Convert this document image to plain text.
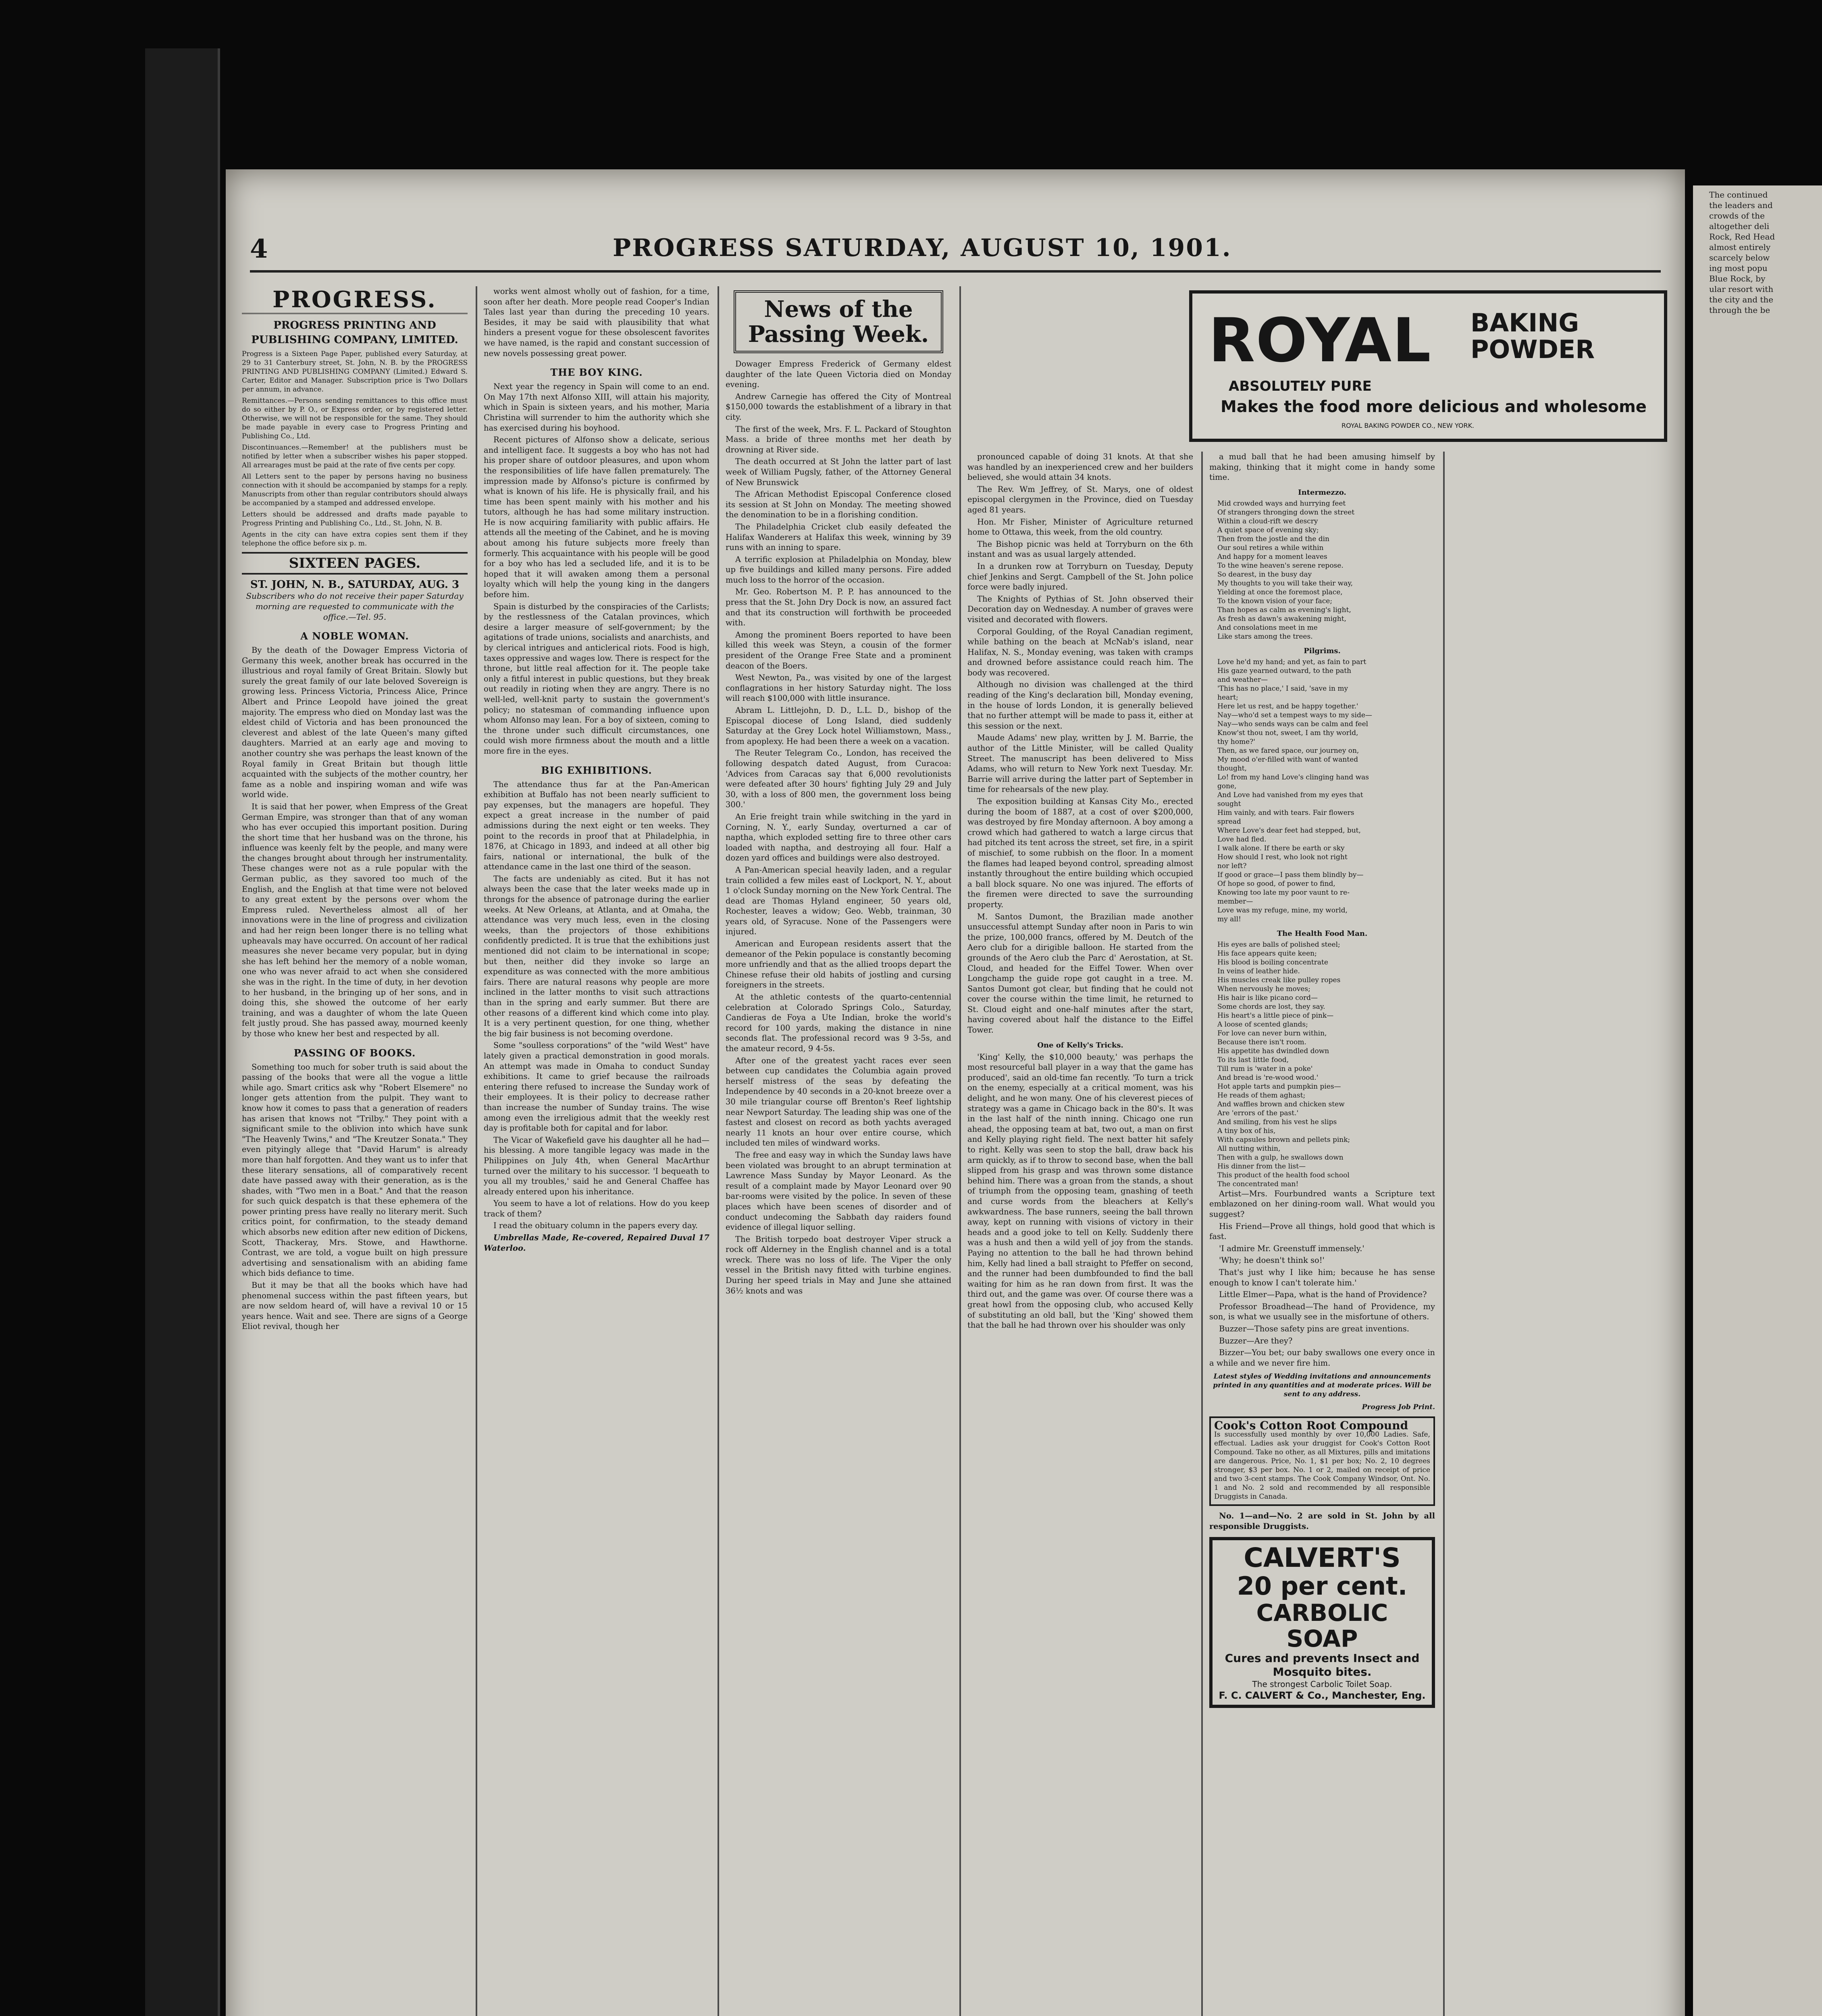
4	PROGRESS SATURDAY, AUGUST 10, 1901.
PROGRESS.
PROGRESS PRINTING AND PUBLISHING COMPANY, LIMITED.
Progress is a Sixteen Page Paper, published every Saturday, at 29 to 31 Canterbury street, St. John, N. B. by the PROGRESS PRINTING AND PUBLISHING COMPANY (Limited.) Edward S. Carter, Editor and Manager. Subscription price is Two Dollars per annum, in advance.
Remittances.—Persons sending remittances to this office must do so either by P. O., or Express order, or by registered letter. Otherwise, we will not be responsible for the same. They should be made payable in every case to Progress Printing and Publishing Co., Ltd.
Discontinuances.—Remember! at the publishers must be notified by letter when a subscriber wishes his paper stopped. All arrearages must be paid at the rate of five cents per copy.
All Letters sent to the paper by persons having no business connection with it should be accompanied by stamps for a reply. Manuscripts from other than regular contributors should always be accompanied by a stamped and addressed envelope.
Letters should be addressed and drafts made payable to Progress Printing and Publishing Co., Ltd., St. John, N. B.
Agents in the city can have extra copies sent them if they telephone the office before six p. m.
SIXTEEN PAGES.
ST. JOHN, N. B., SATURDAY, AUG. 3
Subscribers who do not receive their paper Saturday morning are requested to communicate with the office.—Tel. 95.
A NOBLE WOMAN.

By the death of the Dowager Empress Victoria of Germany this week, another break has occurred in the illustrious and royal family of Great Britain. Slowly but surely the great family of our late beloved Sovereign is growing less. Princess Victoria, Princess Alice, Prince Albert and Prince Leopold have joined the great majority. The empress who died on Monday last was the eldest child of Victoria and has been pronounced the cleverest and ablest of the late Queen's many gifted daughters. Married at an early age and moving to another country she was perhaps the least known of the Royal family in Great Britain but though little acquainted with the subjects of the mother country, her fame as a noble and inspiring woman and wife was world wide.

It is said that her power, when Empress of the Great German Empire, was stronger than that of any woman who has ever occupied this important position. During the short time that her husband was on the throne, his influence was keenly felt by the people, and many were the changes brought about through her instrumentality. These changes were not as a rule popular with the German public, as they savored too much of the English, and the English at that time were not beloved to any great extent by the persons over whom the Empress ruled. Nevertheless almost all of her innovations were in the line of progress and civilization and had her reign been longer there is no telling what upheavals may have occurred. On account of her radical measures she never became very popular, but in dying she has left behind her the memory of a noble woman, one who was never afraid to act when she considered she was in the right. In the time of duty, in her devotion to her husband, in the bringing up of her sons, and in doing this, she showed the outcome of her early training, and was a daughter of whom the late Queen felt justly proud. She has passed away, mourned keenly by those who knew her best and respected by all.

PASSING OF BOOKS.

Something too much for sober truth is said about the passing of the books that were all the vogue a little while ago. Smart critics ask why "Robert Elsemere" no longer gets attention from the pulpit. They want to know how it comes to pass that a generation of readers has arisen that knows not "Trilby." They point with a significant smile to the oblivion into which have sunk "The Heavenly Twins," and "The Kreutzer Sonata." They even pityingly allege that "David Harum" is already more than half forgotten. And they want us to infer that these literary sensations, all of comparatively recent date have passed away with their generation, as is the shades, with "Two men in a Boat." And that the reason for such quick despatch is that these ephemera of the power printing press have really no literary merit. Such critics point, for confirmation, to the steady demand which absorbs new edition after new edition of Dickens, Scott, Thackeray, Mrs. Stowe, and Hawthorne. Contrast, we are told, a vogue built on high pressure advertising and sensationalism with an abiding fame which bids defiance to time.

But it may be that all the books which have had phenomenal success within the past fifteen years, but are now seldom heard of, will have a revival 10 or 15 years hence. Wait and see. There are signs of a George Eliot revival, though her

works went almost wholly out of fashion, for a time, soon after her death. More people read Cooper's Indian Tales last year than during the preceding 10 years. Besides, it may be said with plausibility that what hinders a present vogue for these obsolescent favorites we have named, is the rapid and constant succession of new novels possessing great power.

THE BOY KING.

Next year the regency in Spain will come to an end. On May 17th next Alfonso XIII, will attain his majority, which in Spain is sixteen years, and his mother, Maria Christina will surrender to him the authority which she has exercised during his boyhood.

Recent pictures of Alfonso show a delicate, serious and intelligent face. It suggests a boy who has not had his proper share of outdoor pleasures, and upon whom the responsibilities of life have fallen prematurely. The impression made by Alfonso's picture is confirmed by what is known of his life. He is physically frail, and his time has been spent mainly with his mother and his tutors, although he has had some military instruction. He is now acquiring familiarity with public affairs. He attends all the meeting of the Cabinet, and he is moving about among his future subjects more freely than formerly. This acquaintance with his people will be good for a boy who has led a secluded life, and it is to be hoped that it will awaken among them a personal loyalty which will help the young king in the dangers before him.

Spain is disturbed by the conspiracies of the Carlists; by the restlessness of the Catalan provinces, which desire a larger measure of self-government; by the agitations of trade unions, socialists and anarchists, and by clerical intrigues and anticlerical riots. Food is high, taxes oppressive and wages low. There is respect for the throne, but little real affection for it. The people take only a fitful interest in public questions, but they break out readily in rioting when they are angry. There is no well-led, well-knit party to sustain the government's policy; no statesman of commanding influence upon whom Alfonso may lean. For a boy of sixteen, coming to the throne under such difficult circumstances, one could wish more firmness about the mouth and a little more fire in the eyes.

BIG EXHIBITIONS.

The attendance thus far at the Pan-American exhibition at Buffalo has not been nearly sufficient to pay expenses, but the managers are hopeful. They expect a great increase in the number of paid admissions during the next eight or ten weeks. They point to the records in proof that at Philadelphia, in 1876, at Chicago in 1893, and indeed at all other big fairs, national or international, the bulk of the attendance came in the last one third of the season.

The facts are undeniably as cited. But it has not always been the case that the later weeks made up in throngs for the absence of patronage during the earlier weeks. At New Orleans, at Atlanta, and at Omaha, the attendance was very much less, even in the closing weeks, than the projectors of those exhibitions confidently predicted. It is true that the exhibitions just mentioned did not claim to be international in scope; but then, neither did they invoke so large an expenditure as was connected with the more ambitious fairs. There are natural reasons why people are more inclined in the latter months to visit such attractions than in the spring and early summer. But there are other reasons of a different kind which come into play. It is a very pertinent question, for one thing, whether the big fair business is not becoming overdone.

Some "soulless corporations" of the "wild West" have lately given a practical demonstration in good morals. An attempt was made in Omaha to conduct Sunday exhibitions. It came to grief because the railroads entering there refused to increase the Sunday work of their employees. It is their policy to decrease rather than increase the number of Sunday trains. The wise among even the irreligious admit that the weekly rest day is profitable both for capital and for labor.

The Vicar of Wakefield gave his daughter all he had—his blessing. A more tangible legacy was made in the Philippines on July 4th, when General MacArthur turned over the military to his successor. 'I bequeath to you all my troubles,' said he and General Chaffee has already entered upon his inheritance.

You seem to have a lot of relations. How do you keep track of them?

I read the obituary column in the papers every day.

Umbrellas Made, Re-covered, Repaired Duval 17 Waterloo.

News of the Passing Week.

Dowager Empress Frederick of Germany eldest daughter of the late Queen Victoria died on Monday evening.

Andrew Carnegie has offered the City of Montreal $150,000 towards the establishment of a library in that city.

The first of the week, Mrs. F. L. Packard of Stoughton Mass. a bride of three months met her death by drowning at River side.

The death occurred at St John the latter part of last week of William Pugsly, father, of the Attorney General of New Brunswick

The African Methodist Episcopal Conference closed its session at St John on Monday. The meeting showed the denomination to be in a florishing condition.

The Philadelphia Cricket club easily defeated the Halifax Wanderers at Halifax this week, winning by 39 runs with an inning to spare.

A terrific explosion at Philadelphia on Monday, blew up five buildings and killed many persons. Fire added much loss to the horror of the occasion.

Mr. Geo. Robertson M. P. P. has announced to the press that the St. John Dry Dock is now, an assured fact and that its construction will forthwith be proceeded with.

Among the prominent Boers reported to have been killed this week was Steyn, a cousin of the former president of the Orange Free State and a prominent deacon of the Boers.

West Newton, Pa., was visited by one of the largest conflagrations in her history Saturday night. The loss will reach $100,000 with little insurance.

Abram L. Littlejohn, D. D., L.L. D., bishop of the Episcopal diocese of Long Island, died suddenly Saturday at the Grey Lock hotel Williamstown, Mass., from apoplexy. He had been there a week on a vacation.

The Reuter Telegram Co., London, has received the following despatch dated August, from Curacoa: 'Advices from Caracas say that 6,000 revolutionists were defeated after 30 hours' fighting July 29 and July 30, with a loss of 800 men, the government loss being 300.'

An Erie freight train while switching in the yard in Corning, N. Y., early Sunday, overturned a car of naptha, which exploded setting fire to three other cars loaded with naptha, and destroying all four. Half a dozen yard offices and buildings were also destroyed.

A Pan-American special heavily laden, and a regular train collided a few miles east of Lockport, N. Y., about 1 o'clock Sunday morning on the New York Central. The dead are Thomas Hyland engineer, 50 years old, Rochester, leaves a widow; Geo. Webb, trainman, 30 years old, of Syracuse. None of the Passengers were injured.

American and European residents assert that the demeanor of the Pekin populace is constantly becoming more unfriendly and that as the allied troops depart the Chinese refuse their old habits of jostling and cursing foreigners in the streets.

At the athletic contests of the quarto-centennial celebration at Colorado Springs Colo., Saturday, Candieras de Foya a Ute Indian, broke the world's record for 100 yards, making the distance in nine seconds flat. The professional record was 9 3-5s, and the amateur record, 9 4-5s.

After one of the greatest yacht races ever seen between cup candidates the Columbia again proved herself mistress of the seas by defeating the Independence by 40 seconds in a 20-knot breeze over a 30 mile triangular course off Brenton's Reef lightship near Newport Saturday. The leading ship was one of the fastest and closest on record as both yachts averaged nearly 11 knots an hour over entire course, which included ten miles of windward works.

The free and easy way in which the Sunday laws have been violated was brought to an abrupt termination at Lawrence Mass Sunday by Mayor Leonard. As the result of a complaint made by Mayor Leonard over 90 bar-rooms were visited by the police. In seven of these places which have been scenes of disorder and of conduct undecoming the Sabbath day raiders found evidence of illegal liquor selling.

The British torpedo boat destroyer Viper struck a rock off Alderney in the English channel and is a total wreck. There was no loss of life. The Viper the only vessel in the British navy fitted with turbine engines. During her speed trials in May and June she attained 36½ knots and was

ROYAL BAKING
POWDER
ABSOLUTELY PURE
Makes the food more delicious and wholesome
ROYAL BAKING POWDER CO., NEW YORK.

pronounced capable of doing 31 knots. At that she was handled by an inexperienced crew and her builders believed, she would attain 34 knots.

The Rev. Wm Jeffrey, of St. Marys, one of oldest episcopal clergymen in the Province, died on Tuesday aged 81 years.

Hon. Mr Fisher, Minister of Agriculture returned home to Ottawa, this week, from the old country.

The Bishop picnic was held at Torryburn on the 6th instant and was as usual largely attended.

In a drunken row at Torryburn on Tuesday, Deputy chief Jenkins and Sergt. Campbell of the St. John police force were badly injured.

The Knights of Pythias of St. John observed their Decoration day on Wednesday. A number of graves were visited and decorated with flowers.

Corporal Goulding, of the Royal Canadian regiment, while bathing on the beach at McNab's island, near Halifax, N. S., Monday evening, was taken with cramps and drowned before assistance could reach him. The body was recovered.

Although no division was challenged at the third reading of the King's declaration bill, Monday evening, in the house of lords London, it is generally believed that no further attempt will be made to pass it, either at this session or the next.

Maude Adams' new play, written by J. M. Barrie, the author of the Little Minister, will be called Quality Street. The manuscript has been delivered to Miss Adams, who will return to New York next Tuesday. Mr. Barrie will arrive during the latter part of September in time for rehearsals of the new play.

The exposition building at Kansas City Mo., erected during the boom of 1887, at a cost of over $200,000, was destroyed by fire Monday afternoon. A boy among a crowd which had gathered to watch a large circus that had pitched its tent across the street, set fire, in a spirit of mischief, to some rubbish on the floor. In a moment the flames had leaped beyond control, spreading almost instantly throughout the entire building which occupied a ball block square. No one was injured. The efforts of the firemen were directed to save the surrounding property.

M. Santos Dumont, the Brazilian made another unsuccessful attempt Sunday after noon in Paris to win the prize, 100,000 francs, offered by M. Deutch of the Aero club for a dirigible balloon. He started from the grounds of the Aero club the Parc d' Aerostation, at St. Cloud, and headed for the Eiffel Tower. When over Longchamp the guide rope got caught in a tree. M. Santos Dumont got clear, but finding that he could not cover the course within the time limit, he returned to St. Cloud eight and one-half minutes after the start, having covered about half the distance to the Eiffel Tower.

One of Kelly's Tricks.

'King' Kelly, the $10,000 beauty,' was perhaps the most resourceful ball player in a way that the game has produced', said an old-time fan recently. 'To turn a trick on the enemy, especially at a critical moment, was his delight, and he won many. One of his cleverest pieces of strategy was a game in Chicago back in the 80's. It was in the last half of the ninth inning. Chicago one run ahead, the opposing team at bat, two out, a man on first and Kelly playing right field. The next batter hit safely to right. Kelly was seen to stop the ball, draw back his arm quickly, as if to throw to second base, when the ball slipped from his grasp and was thrown some distance behind him. There was a groan from the stands, a shout of triumph from the opposing team, gnashing of teeth and curse words from the bleachers at Kelly's awkwardness. The base runners, seeing the ball thrown away, kept on running with visions of victory in their heads and a good joke to tell on Kelly. Suddenly there was a hush and then a wild yell of joy from the stands. Paying no attention to the ball he had thrown behind him, Kelly had lined a ball straight to Pfeffer on second, and the runner had been dumbfounded to find the ball waiting for him as he ran down from first. It was the third out, and the game was over. Of course there was a great howl from the opposing club, who accused Kelly of substituting an old ball, but the 'King' showed them that the ball he had thrown over his shoulder was only

a mud ball that he had been amusing himself by making, thinking that it might come in handy some time.

Intermezzo.
Mid crowded ways and hurrying feet
Of strangers thronging down the street
Within a cloud-rift we descry
A quiet space of evening sky;
Then from the jostle and the din
Our soul retires a while within
And happy for a moment leaves
To the wine heaven's serene repose.
So dearest, in the busy day
My thoughts to you will take their way,
Yielding at once the foremost place,
To the known vision of your face;
Than hopes as calm as evening's light,
As fresh as dawn's awakening might,
And consolations meet in me
Like stars among the trees.
Pilgrims.
Love he'd my hand; and yet, as fain to part
His gaze yearned outward, to the path
and weather—
'This has no place,' I said, 'save in my
heart;
Here let us rest, and be happy together.'
Nay—who'd set a tempest ways to my side—
Nay—who sends ways can be calm and feel
Know'st thou not, sweet, I am thy world,
thy home?'
Then, as we fared space, our journey on,
My mood o'er-filled with want of wanted
thought,
Lo! from my hand Love's clinging hand was
gone,
And Love had vanished from my eyes that
sought
Him vainly, and with tears. Fair flowers
spread
Where Love's dear feet had stepped, but,
Love had fled.
I walk alone. If there be earth or sky
How should I rest, who look not right
nor left?
If good or grace—I pass them blindly by—
Of hope so good, of power to find,
Knowing too late my poor vaunt to re-
member—
Love was my refuge, mine, my world,
my all!
The Health Food Man.
His eyes are balls of polished steel;
His face appears quite keen;
His blood is boiling concentrate
In veins of leather hide.
His muscles creak like pulley ropes
When nervously he moves;
His hair is like picano cord—
Some chords are lost, they say.
His heart's a little piece of pink—
A loose of scented glands;
For love can never burn within,
Because there isn't room.
His appetite has dwindled down
To its last little food,
Till rum is 'water in a poke'
And bread is 're-wood wood.'
Hot apple tarts and pumpkin pies—
He reads of them aghast;
And waffles brown and chicken stew
Are 'errors of the past.'
And smiling, from his vest he slips
A tiny box of his,
With capsules brown and pellets pink;
All nutting within,
Then with a gulp, he swallows down
His dinner from the list—
This product of the health food school
The concentrated man!

Artist—Mrs. Fourbundred wants a Scripture text emblazoned on her dining-room wall. What would you suggest?

His Friend—Prove all things, hold good that which is fast.

'I admire Mr. Greenstuff immensely.'

'Why; he doesn't think so!'

That's just why I like him; because he has sense enough to know I can't tolerate him.'

Little Elmer—Papa, what is the hand of Providence?

Professor Broadhead—The hand of Providence, my son, is what we usually see in the misfortune of others.

Buzzer—Those safety pins are great inventions.

Buzzer—Are they?

Bizzer—You bet; our baby swallows one every once in a while and we never fire him.

Latest styles of Wedding invitations and announcements printed in any quantities and at moderate prices. Will be sent to any address.
Progress Job Print.
Cook's Cotton Root Compound
Is successfully used monthly by over 10,000 Ladies. Safe, effectual. Ladies ask your druggist for Cook's Cotton Root Compound. Take no other, as all Mixtures, pills and imitations are dangerous. Price, No. 1, $1 per box; No. 2, 10 degrees stronger, $3 per box. No. 1 or 2, mailed on receipt of price and two 3-cent stamps. The Cook Company Windsor, Ont. No. 1 and No. 2 sold and recommended by all responsible Druggists in Canada.

No. 1—and—No. 2 are sold in St. John by all responsible Druggists.

CALVERT'S
20 per cent.
CARBOLIC
SOAP
Cures and prevents Insect and Mosquito bites.
The strongest Carbolic Toilet Soap.
F. C. CALVERT & Co., Manchester, Eng.
The continued
the leaders and
crowds of the
altogether deli
Rock, Red Head
almost entirely
scarcely below
ing most popu
Blue Rock, by
ular resort with
the city and the
through the be
